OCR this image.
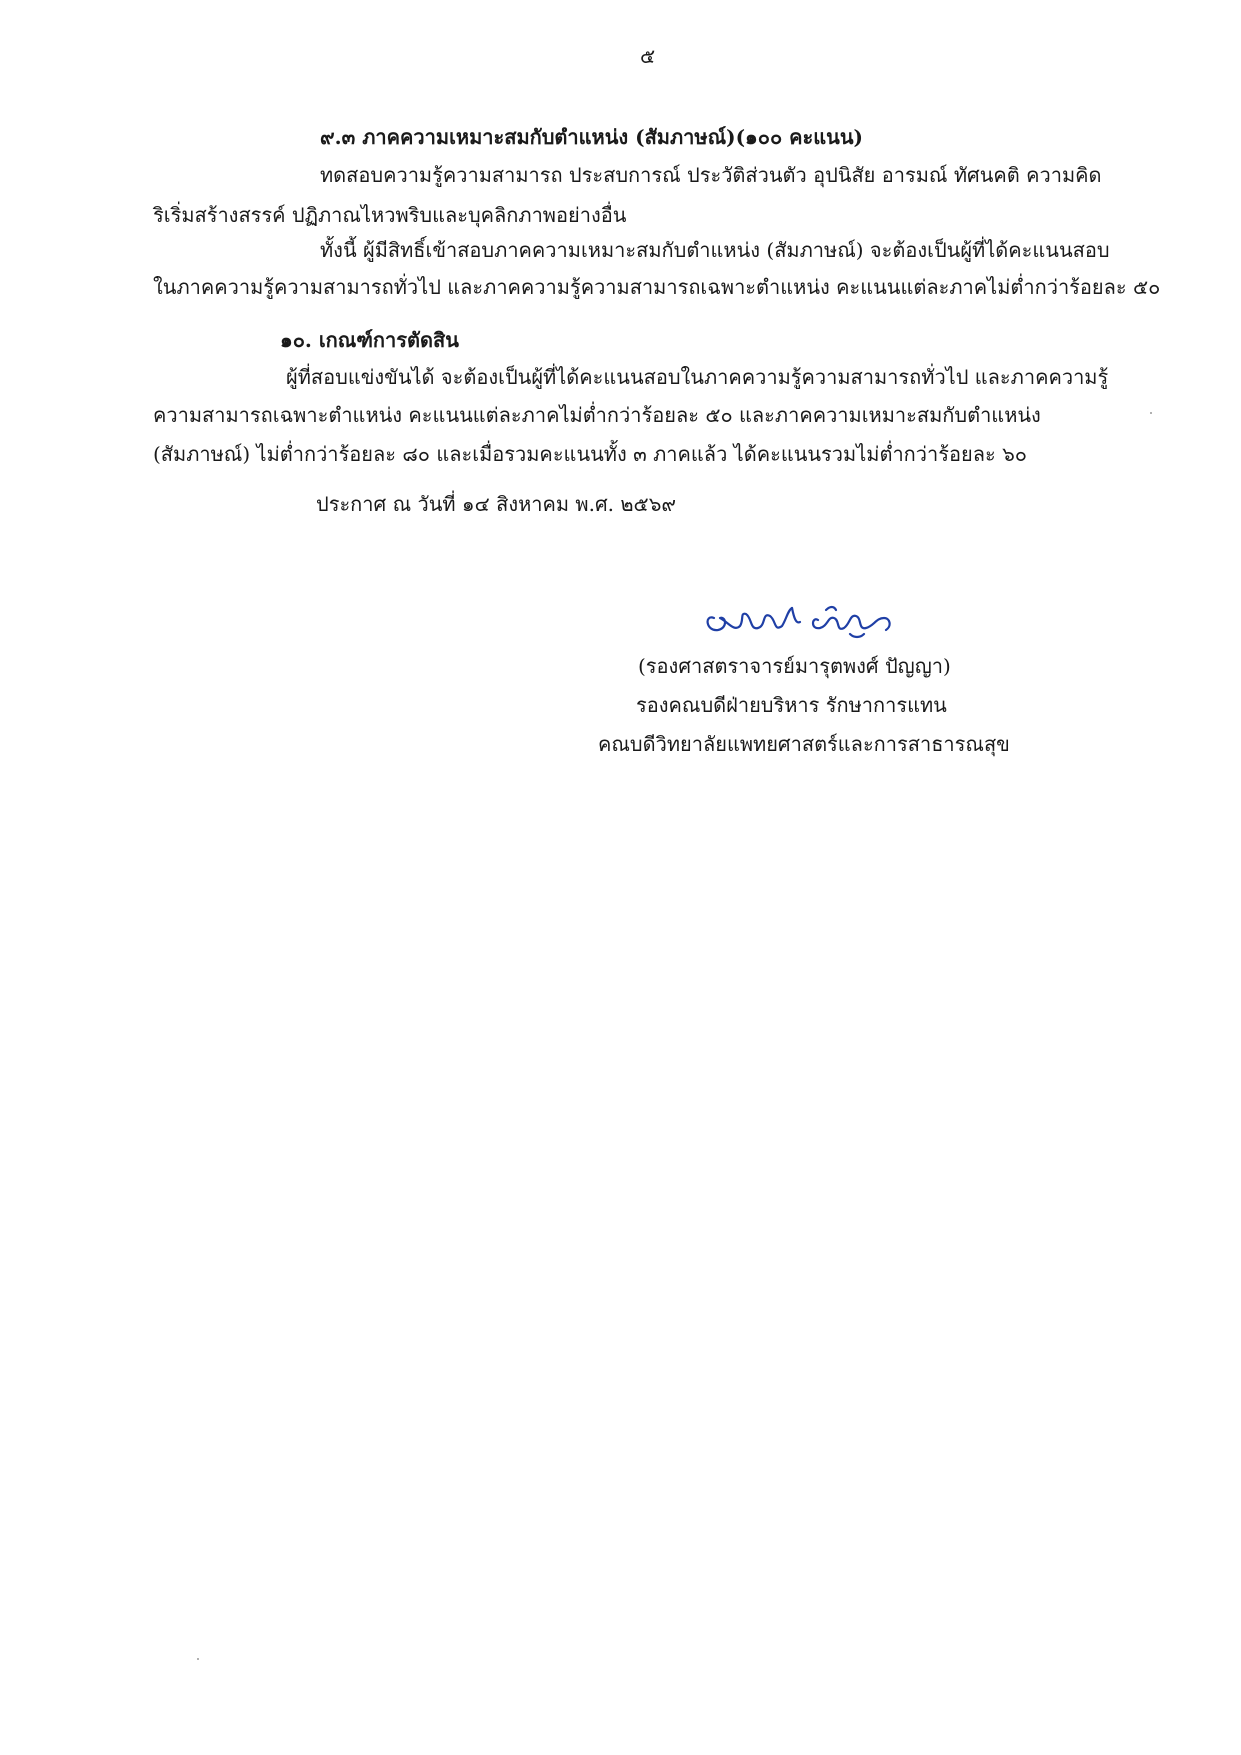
๕
๙.๓ ภาคความเหมาะสมกับตำแหน่ง (สัมภาษณ์)(๑๐๐ คะแนน)
ทดสอบความรู้ความสามารถ ประสบการณ์ ประวัติส่วนตัว อุปนิสัย อารมณ์ ทัศนคติ ความคิด
ริเริ่มสร้างสรรค์ ปฏิภาณไหวพริบและบุคลิกภาพอย่างอื่น
ทั้งนี้ ผู้มีสิทธิ์เข้าสอบภาคความเหมาะสมกับตำแหน่ง (สัมภาษณ์) จะต้องเป็นผู้ที่ได้คะแนนสอบ
ในภาคความรู้ความสามารถทั่วไป และภาคความรู้ความสามารถเฉพาะตำแหน่ง คะแนนแต่ละภาคไม่ต่ำกว่าร้อยละ ๕๐
๑๐. เกณฑ์การตัดสิน
ผู้ที่สอบแข่งขันได้ จะต้องเป็นผู้ที่ได้คะแนนสอบในภาคความรู้ความสามารถทั่วไป และภาคความรู้
ความสามารถเฉพาะตำแหน่ง คะแนนแต่ละภาคไม่ต่ำกว่าร้อยละ ๕๐ และภาคความเหมาะสมกับตำแหน่ง
(สัมภาษณ์) ไม่ต่ำกว่าร้อยละ ๘๐ และเมื่อรวมคะแนนทั้ง ๓ ภาคแล้ว ได้คะแนนรวมไม่ต่ำกว่าร้อยละ ๖๐
ประกาศ ณ วันที่ ๑๔ สิงหาคม พ.ศ. ๒๕๖๙
(รองศาสตราจารย์มารุตพงศ์ ปัญญา)
รองคณบดีฝ่ายบริหาร รักษาการแทน
คณบดีวิทยาลัยแพทยศาสตร์และการสาธารณสุข
